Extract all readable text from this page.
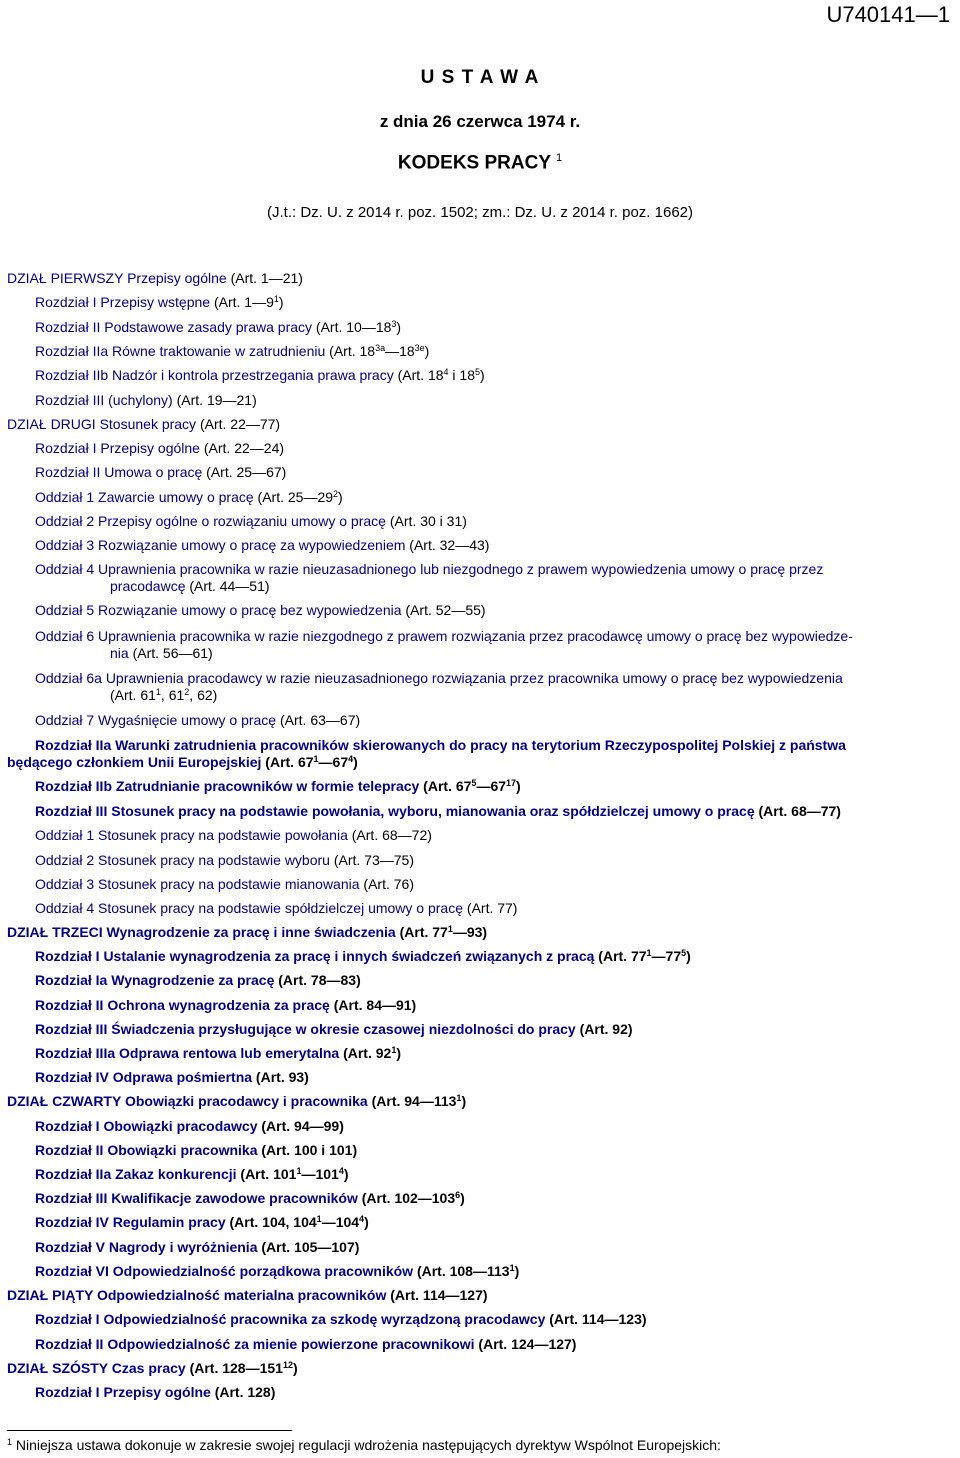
U740141—1
U S T A W A
z dnia 26 czerwca 1974 r.
KODEKS PRACY $^1$
(J.t.: Dz. U. z 2014 r. poz. 1502; zm.: Dz. U. z 2014 r. poz. 1662)
DZIAŁ PIERWSZY Przepisy ogólne (Art. 1—21)
Rozdział I Przepisy wstępne (Art. $1—9^1$)
Rozdział II Podstawowe zasady prawa pracy (Art. $10—18^3$)
Rozdział IIa Równe traktowanie w zatrudnieniu (Art. $18^{3a}—18^{3e}$)
Rozdział IIb Nadzór i kontrola przestrzegania prawa pracy (Art. $18^4$ i $18^5$)
Rozdział III (uchylony) (Art. 19—21)
DZIAŁ DRUGI Stosunek pracy (Art. 22—77)
Rozdział I Przepisy ogólne (Art. 22—24)
Rozdział II Umowa o pracę (Art. 25—67)
Oddział 1 Zawarcie umowy o pracę (Art. $25—29^2$)
Oddział 2 Przepisy ogólne o rozwiązaniu umowy o pracę (Art. 30 i 31)
Oddział 3 Rozwiązanie umowy o pracę za wypowiedzeniem (Art. 32—43)
Oddział 4 Uprawnienia pracownika w razie nieuzasadnionego lub niezgodnego z prawem wypowiedzenia umowy o pracę przez
pracodawcę (Art. 44—51)
Oddział 5 Rozwiązanie umowy o pracę bez wypowiedzenia (Art. 52—55)
Oddział 6 Uprawnienia pracownika w razie niezgodnego z prawem rozwiązania przez pracodawcę umowy o pracę bez wypowiedze-
nia (Art. 56—61)
Oddział 6a Uprawnienia pracodawcy w razie nieuzasadnionego rozwiązania przez pracownika umowy o pracę bez wypowiedzenia
(Art. $61^1$, $61^2$, 62)
Oddział 7 Wygaśnięcie umowy o pracę (Art. 63—67)
Rozdział IIa Warunki zatrudnienia pracowników skierowanych do pracy na terytorium Rzeczypospolitej Polskiej z państwa
będącego członkiem Unii Europejskiej (Art. $67^1—67^4$)
Rozdział IIb Zatrudnianie pracowników w formie telepracy (Art. $67^5—67^{17}$)
Rozdział III Stosunek pracy na podstawie powołania, wyboru, mianowania oraz spółdzielczej umowy o pracę (Art. 68—77)
Oddział 1 Stosunek pracy na podstawie powołania (Art. 68—72)
Oddział 2 Stosunek pracy na podstawie wyboru (Art. 73—75)
Oddział 3 Stosunek pracy na podstawie mianowania (Art. 76)
Oddział 4 Stosunek pracy na podstawie spółdzielczej umowy o pracę (Art. 77)
DZIAŁ TRZECI Wynagrodzenie za pracę i inne świadczenia (Art. $77^1—93$)
Rozdział I Ustalanie wynagrodzenia za pracę i innych świadczeń związanych z pracą (Art. $77^1—77^5$)
Rozdział Ia Wynagrodzenie za pracę (Art. 78—83)
Rozdział II Ochrona wynagrodzenia za pracę (Art. 84—91)
Rozdział III Świadczenia przysługujące w okresie czasowej niezdolności do pracy (Art. 92)
Rozdział IIIa Odprawa rentowa lub emerytalna (Art. $92^1$)
Rozdział IV Odprawa pośmiertna (Art. 93)
DZIAŁ CZWARTY Obowiązki pracodawcy i pracownika (Art. $94—113^1$)
Rozdział I Obowiązki pracodawcy (Art. 94—99)
Rozdział II Obowiązki pracownika (Art. 100 i 101)
Rozdział IIa Zakaz konkurencji (Art. $101^1—101^4$)
Rozdział III Kwalifikacje zawodowe pracowników (Art. $102—103^6$)
Rozdział IV Regulamin pracy (Art. 104, $104^1—104^4$)
Rozdział V Nagrody i wyróżnienia (Art. 105—107)
Rozdział VI Odpowiedzialność porządkowa pracowników (Art. $108—113^1$)
DZIAŁ PIĄTY Odpowiedzialność materialna pracowników (Art. 114—127)
Rozdział I Odpowiedzialność pracownika za szkodę wyrządzoną pracodawcy (Art. 114—123)
Rozdział II Odpowiedzialność za mienie powierzone pracownikowi (Art. 124—127)
DZIAŁ SZÓSTY Czas pracy (Art. $128—151^{12}$)
Rozdział I Przepisy ogólne (Art. 128)
$^1$ Niniejsza ustawa dokonuje w zakresie swojej regulacji wdrożenia następujących dyrektyw Wspólnot Europejskich:
